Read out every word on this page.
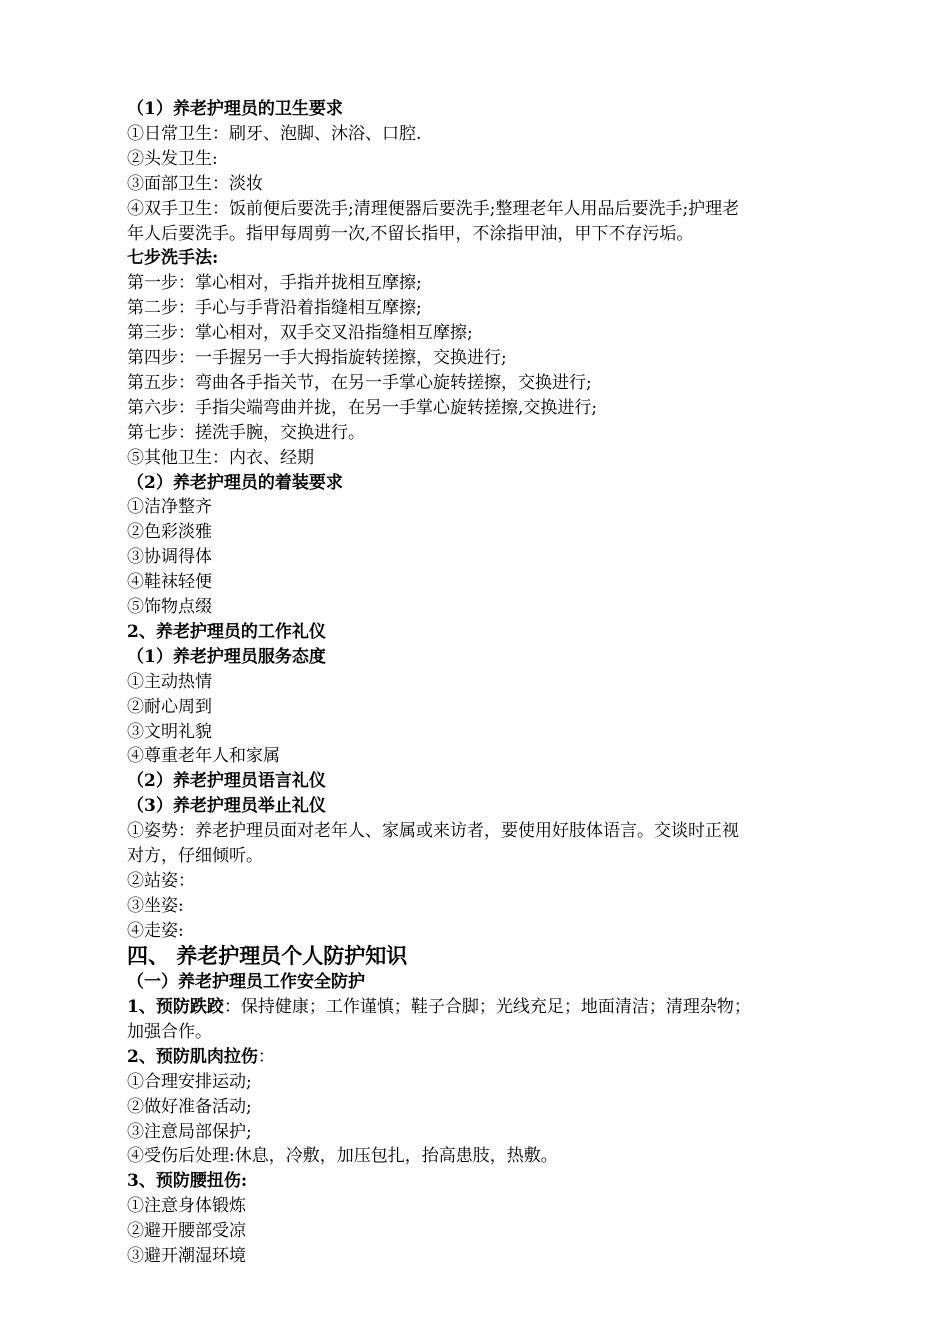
（1）养老护理员的卫生要求
①日常卫生：刷牙、泡脚、沐浴、口腔.
②头发卫生:
③面部卫生：淡妆
④双手卫生：饭前便后要洗手;清理便器后要洗手;整理老年人用品后要洗手;护理老
年人后要洗手。指甲每周剪一次,不留长指甲，不涂指甲油，甲下不存污垢。
七步洗手法:
第一步：掌心相对，手指并拢相互摩擦;
第二步：手心与手背沿着指缝相互摩擦;
第三步：掌心相对，双手交叉沿指缝相互摩擦;
第四步：一手握另一手大拇指旋转搓擦，交换进行;
第五步：弯曲各手指关节，在另一手掌心旋转搓擦，交换进行;
第六步：手指尖端弯曲并拢，在另一手掌心旋转搓擦,交换进行;
第七步：搓洗手腕，交换进行。
⑤其他卫生：内衣、经期
（2）养老护理员的着装要求
①洁净整齐
②色彩淡雅
③协调得体
④鞋袜轻便
⑤饰物点缀
2、养老护理员的工作礼仪
（1）养老护理员服务态度
①主动热情
②耐心周到
③文明礼貌
④尊重老年人和家属
（2）养老护理员语言礼仪
（3）养老护理员举止礼仪
①姿势：养老护理员面对老年人、家属或来访者，要使用好肢体语言。交谈时正视
对方，仔细倾听。
②站姿：
③坐姿:
④走姿:
四、 养老护理员个人防护知识
（一）养老护理员工作安全防护
1、预防跌跤：保持健康；工作谨慎；鞋子合脚；光线充足；地面清洁；清理杂物；
加强合作。
2、预防肌肉拉伤：
①合理安排运动;
②做好准备活动;
③注意局部保护;
④受伤后处理:休息，冷敷，加压包扎，抬高患肢，热敷。
3、预防腰扭伤:
①注意身体锻炼
②避开腰部受凉
③避开潮湿环境
